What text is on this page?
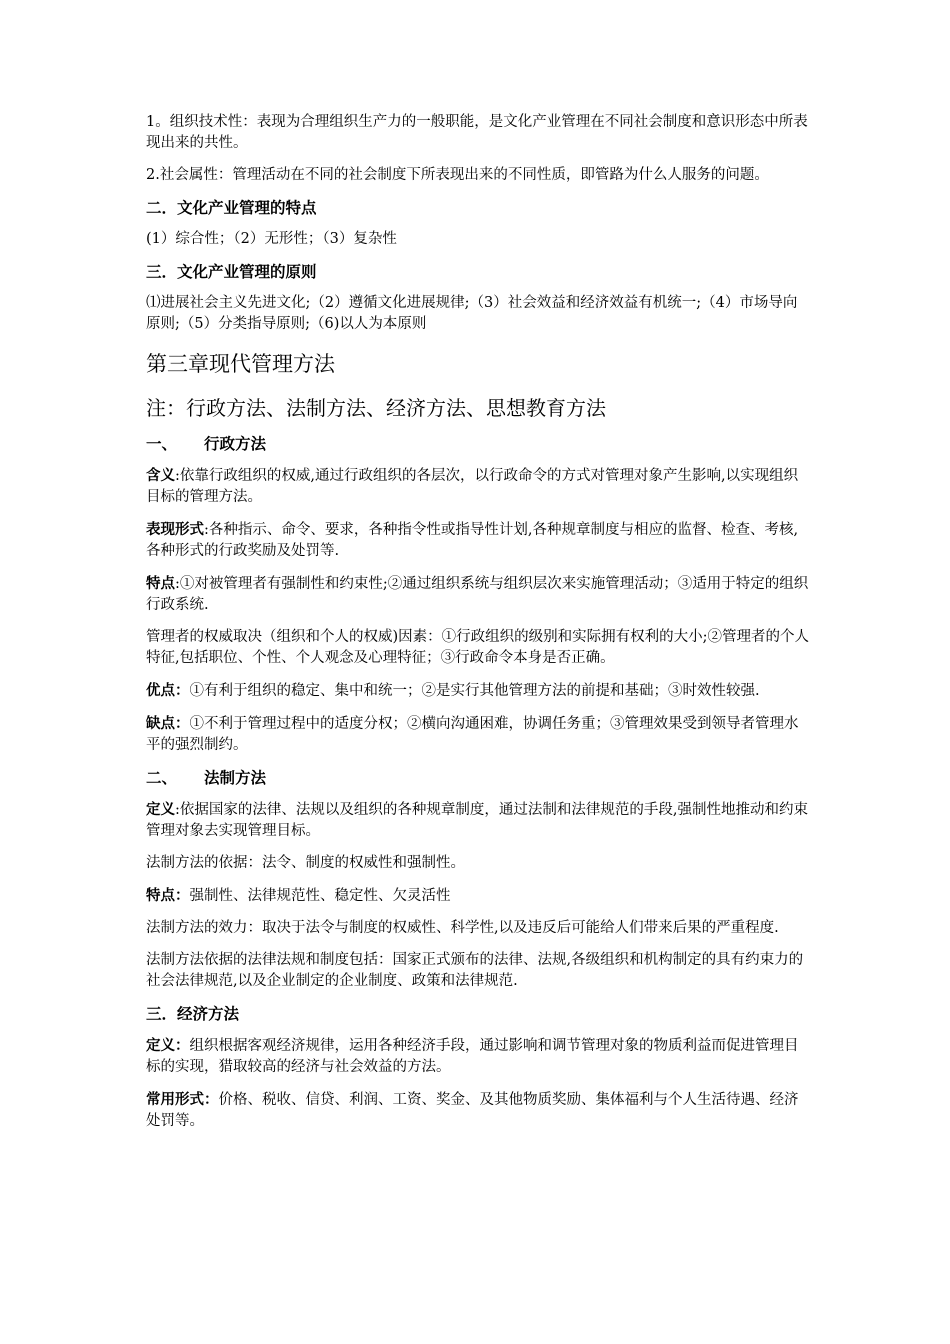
1。组织技术性：表现为合理组织生产力的一般职能，是文化产业管理在不同社会制度和意识形态中所表现出来的共性。

2.社会属性：管理活动在不同的社会制度下所表现出来的不同性质，即管路为什么人服务的问题。

二．文化产业管理的特点

(1）综合性；（2）无形性；（3）复杂性

三．文化产业管理的原则

⑴进展社会主义先进文化;（2）遵循文化进展规律;（3）社会效益和经济效益有机统一;（4）市场导向原则;（5）分类指导原则;（6)以人为本原则

第三章现代管理方法
注：行政方法、法制方法、经济方法、思想教育方法
一、 行政方法

含义:依靠行政组织的权威,通过行政组织的各层次，以行政命令的方式对管理对象产生影响,以实现组织目标的管理方法。

表现形式:各种指示、命令、要求，各种指令性或指导性计划,各种规章制度与相应的监督、检查、考核,各种形式的行政奖励及处罚等.

特点:①对被管理者有强制性和约束性;②通过组织系统与组织层次来实施管理活动；③适用于特定的组织行政系统.

管理者的权威取决（组织和个人的权威)因素：①行政组织的级别和实际拥有权利的大小;②管理者的个人特征,包括职位、个性、个人观念及心理特征；③行政命令本身是否正确。

优点：①有利于组织的稳定、集中和统一；②是实行其他管理方法的前提和基础；③时效性较强.

缺点：①不利于管理过程中的适度分权；②横向沟通困难，协调任务重；③管理效果受到领导者管理水平的强烈制约。

二、 法制方法

定义:依据国家的法律、法规以及组织的各种规章制度，通过法制和法律规范的手段,强制性地推动和约束管理对象去实现管理目标。

法制方法的依据：法令、制度的权威性和强制性。

特点：强制性、法律规范性、稳定性、欠灵活性

法制方法的效力：取决于法令与制度的权威性、科学性,以及违反后可能给人们带来后果的严重程度.

法制方法依据的法律法规和制度包括：国家正式颁布的法律、法规,各级组织和机构制定的具有约束力的社会法律规范,以及企业制定的企业制度、政策和法律规范.

三．经济方法

定义：组织根据客观经济规律，运用各种经济手段，通过影响和调节管理对象的物质利益而促进管理目标的实现，猎取较高的经济与社会效益的方法。

常用形式：价格、税收、信贷、利润、工资、奖金、及其他物质奖励、集体福利与个人生活待遇、经济处罚等。
